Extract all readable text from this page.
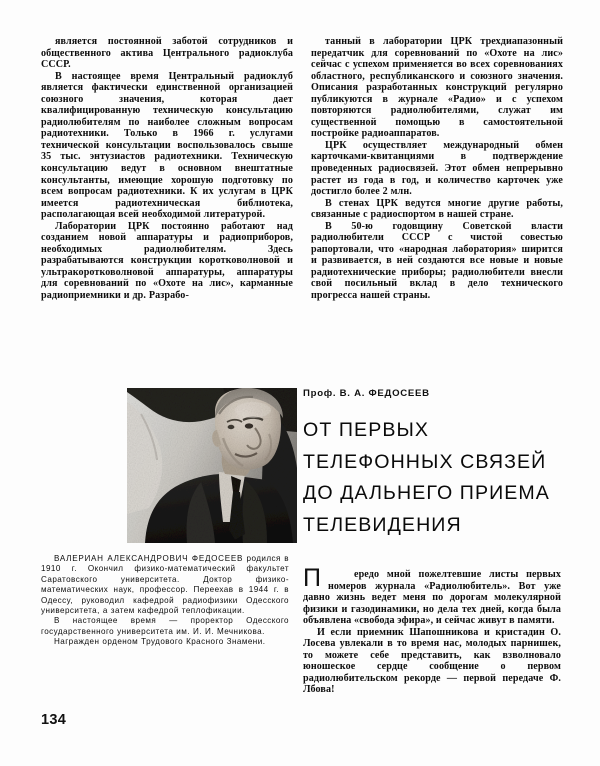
является постоянной заботой сотрудников и общественного актива Центрального радиоклуба СССР.

В настоящее время Центральный радиоклуб является фактически единственной организацией союзного значения, которая дает квалифицированную техническую консультацию радиолюбителям по наиболее сложным вопросам радиотехники. Только в 1966 г. услугами технической консультации воспользовалось свыше 35 тыс. энтузиастов радиотехники. Техническую консультацию ведут в основном внештатные консультанты, имеющие хорошую подготовку по всем вопросам радиотехники. К их услугам в ЦРК имеется радиотехническая библиотека, располагающая всей необходимой литературой.

Лаборатории ЦРК постоянно работают над созданием новой аппаратуры и радиоприборов, необходимых радиолюбителям. Здесь разрабатываются конструкции коротковолновой и ультракоротковолновой аппаратуры, аппаратуры для соревнований по «Охоте на лис», карманные радиоприемники и др. Разрабо-

танный в лаборатории ЦРК трехдиапазонный передатчик для соревнований по «Охоте на лис» сейчас с успехом применяется во всех соревнованиях областного, республиканского и союзного значения. Описания разработанных конструкций регулярно публикуются в журнале «Радио» и с успехом повторяются радиолюбителями, служат им существенной помощью в самостоятельной постройке радиоаппаратов.

ЦРК осуществляет международный обмен карточками-квитанциями в подтверждение проведенных радиосвязей. Этот обмен непрерывно растет из года в год, и количество карточек уже достигло более 2 млн.

В стенах ЦРК ведутся многие другие работы, связанные с радиоспортом в нашей стране.

В 50-ю годовщину Советской власти радиолюбители СССР с чистой совестью рапортовали, что «народная лаборатория» ширится и развивается, в ней создаются все новые и новые радиотехнические приборы; радиолюбители внесли свой посильный вклад в дело технического прогресса нашей страны.

ВАЛЕРИАН АЛЕКСАНДРОВИЧ ФЕДОСЕЕВ родился в 1910 г. Окончил физико-математический факультет Саратовского университета. Доктор физико-математических наук, профессор. Переехав в 1944 г. в Одессу, руководил кафедрой радиофизики Одесского университета, а затем кафедрой теплофикации.

В настоящее время — проректор Одесского государственного университета им. И. И. Мечникова.

Награжден орденом Трудового Красного Знамени.

Проф. В. А. ФЕДОСЕЕВ
ОТ ПЕРВЫХ
ТЕЛЕФОННЫХ СВЯЗЕЙ
ДО ДАЛЬНЕГО ПРИЕМА
ТЕЛЕВИДЕНИЯ

П	ередо мной пожелтевшие листы первых номеров журнала «Радиолюбитель». Вот уже давно жизнь ведет меня по дорогам молекулярной физики и газодинамики, но дела тех дней, когда была объявлена «свобода эфира», и сейчас живут в памяти.

И если приемник Шапошникова и кристадин О. Лосева увлекали в то время нас, молодых парнишек, то можете себе представить, как взволновало юношеское сердце сообщение о первом радиолюбительском рекорде — первой передаче Ф. Лбова!

134
